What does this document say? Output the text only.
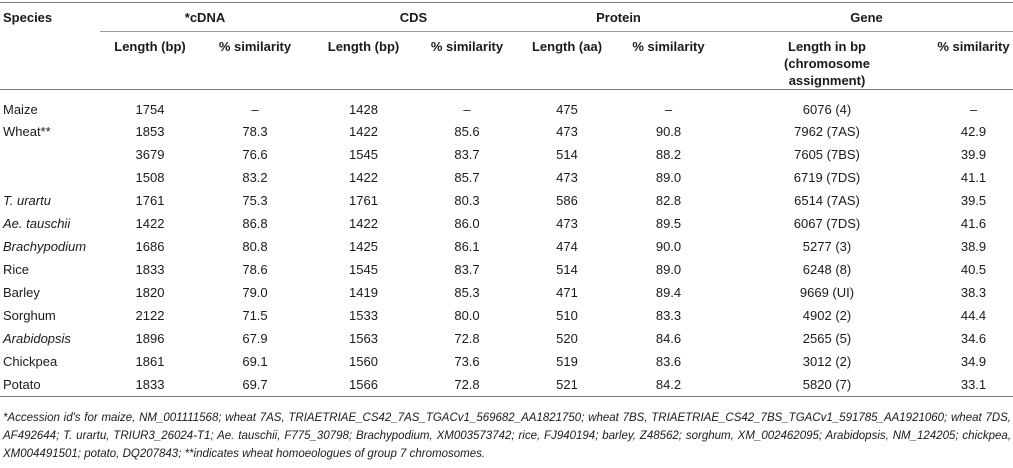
Species	*cDNA		CDS		Protein		Gene	
	Length (bp)	% similarity	Length (bp)	% similarity	Length (aa)	% similarity	Length in bp (chromosome assignment)	% similarity

Maize	1754	–	1428	–	475	–	6076 (4)	–
Wheat**	1853	78.3	1422	85.6	473	90.8	7962 (7AS)	42.9
	3679	76.6	1545	83.7	514	88.2	7605 (7BS)	39.9
	1508	83.2	1422	85.7	473	89.0	6719 (7DS)	41.1
T. urartu	1761	75.3	1761	80.3	586	82.8	6514 (7AS)	39.5
Ae. tauschii	1422	86.8	1422	86.0	473	89.5	6067 (7DS)	41.6
Brachypodium	1686	80.8	1425	86.1	474	90.0	5277 (3)	38.9
Rice	1833	78.6	1545	83.7	514	89.0	6248 (8)	40.5
Barley	1820	79.0	1419	85.3	471	89.4	9669 (UI)	38.3
Sorghum	2122	71.5	1533	80.0	510	83.3	4902 (2)	44.4
Arabidopsis	1896	67.9	1563	72.8	520	84.6	2565 (5)	34.6
Chickpea	1861	69.1	1560	73.6	519	83.6	3012 (2)	34.9
Potato	1833	69.7	1566	72.8	521	84.2	5820 (7)	33.1

*Accession id's for maize, NM_001111568; wheat 7AS, TRIAETRIAE_CS42_7AS_TGACv1_569682_AA1821750; wheat 7BS, TRIAETRIAE_CS42_7BS_TGACv1_591785_AA1921060; wheat 7DS, AF492644; T. urartu, TRIUR3_26024-T1; Ae. tauschii, F775_30798; Brachypodium, XM003573742; rice, FJ940194; barley, Z48562; sorghum, XM_002462095; Arabidopsis, NM_124205; chickpea, XM004491501; potato, DQ207843; **indicates wheat homoeologues of group 7 chromosomes.
